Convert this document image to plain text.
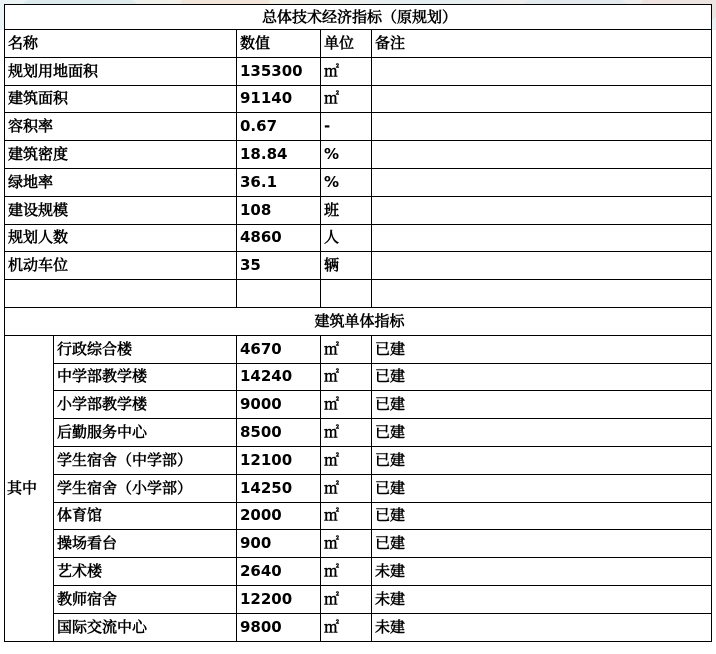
总体技术经济指标（原规划）				
名称		数值	单位	备注
规划用地面积		135300	㎡	
建筑面积		91140	㎡	
容积率		0.67	-	
建筑密度		18.84	%	
绿地率		36.1	%	
建设规模		108	班	
规划人数		4860	人	
机动车位		35	辆	

建筑单体指标				
其中	行政综合楼	4670	㎡	已建
	中学部教学楼	14240	㎡	已建
	小学部教学楼	9000	㎡	已建
	后勤服务中心	8500	㎡	已建
	学生宿舍（中学部）	12100	㎡	已建
	学生宿舍（小学部）	14250	㎡	已建
	体育馆	2000	㎡	已建
	操场看台	900	㎡	已建
	艺术楼	2640	㎡	未建
	教师宿舍	12200	㎡	未建
	国际交流中心	9800	㎡	未建
